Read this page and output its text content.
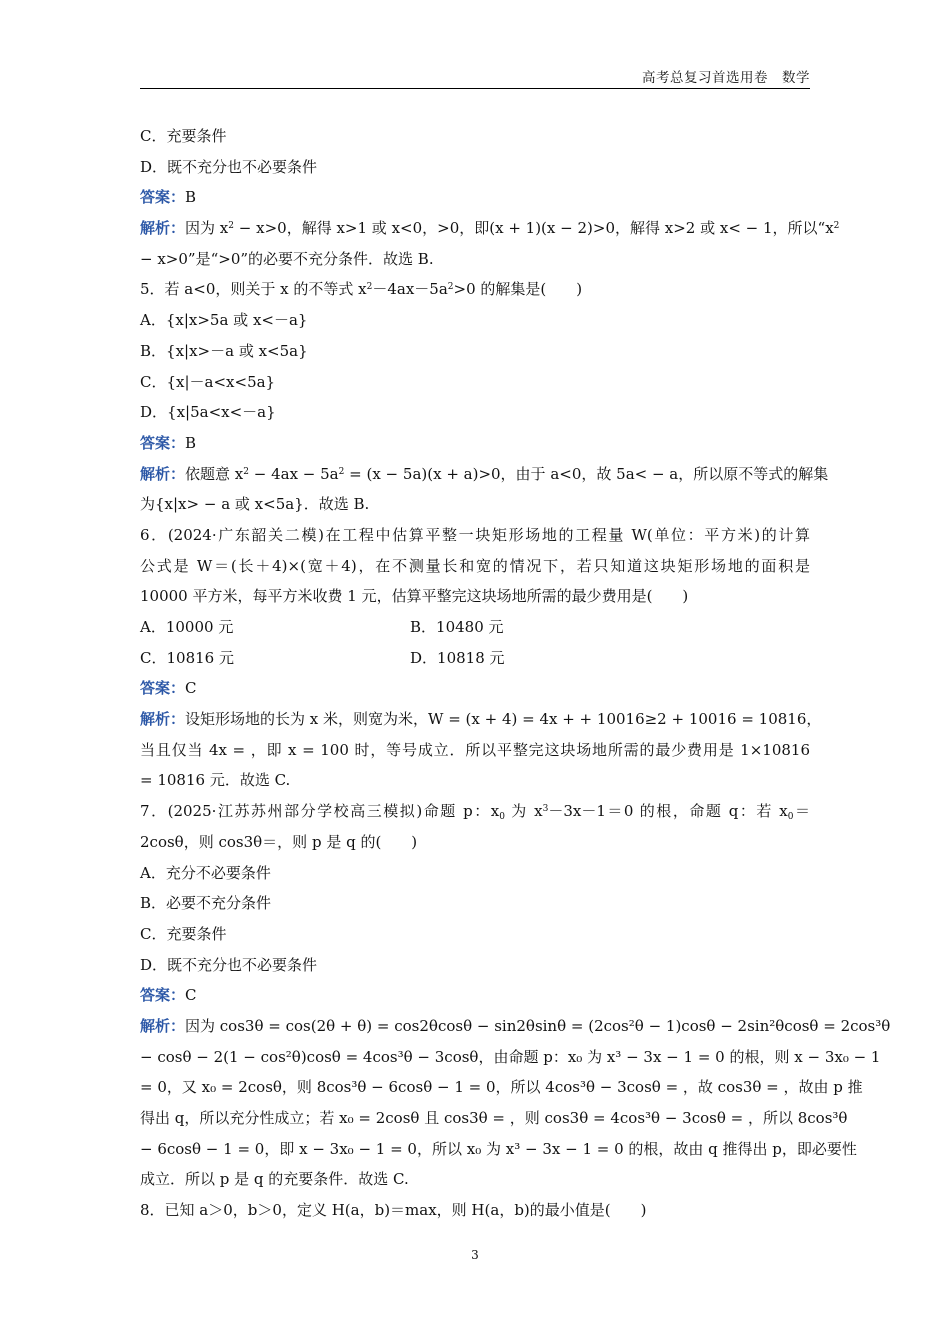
高考总复习首选用卷　数学
C．充要条件
D．既不充分也不必要条件
答案：B
解析：因为 $x^2 - x>0$，解得 x>1 或 x<0，>0，即(x + 1)(x − 2)>0，解得 x>2 或 x< − 1，所以“$x^2$
− x>0”是“>0”的必要不充分条件．故选 B.
5．若 a<0，则关于 x 的不等式 $x^2-4ax-5a^2>0$ 的解集是(　　)
A．{x|x>5a 或 x<－a}
B．{x|x>－a 或 x<5a}
C．{x|－a<x<5a}
D．{x|5a<x<－a}
答案：B
解析：依题意 $x^2 - 4ax - 5a^2 = (x - 5a)(x + a)>0$，由于 a<0，故 5a< − a，所以原不等式的解集
为{x|x> − a 或 x<5a}．故选 B.
6．(2024·广东韶关二模)在工程中估算平整一块矩形场地的工程量 W(单位：平方米)的计算
公式是 W＝(长＋4)×(宽＋4)，在不测量长和宽的情况下，若只知道这块矩形场地的面积是
10000 平方米，每平方米收费 1 元，估算平整完这块场地所需的最少费用是(　　)
A．10000 元	B．10480 元
C．10816 元	D．10818 元
答案：C
解析：设矩形场地的长为 x 米，则宽为米，W = (x + 4) = 4x + + 10016≥2 + 10016 = 10816，
当且仅当 4x = ，即 x = 100 时，等号成立．所以平整完这块场地所需的最少费用是 1×10816
= 10816 元．故选 C.
7．(2025·江苏苏州部分学校高三模拟)命题 p：$x_0$ 为 $x^3-3x-1=0$ 的根，命题 q：若 $x_0=$
2cosθ，则 cos3θ＝，则 p 是 q 的(　　)
A．充分不必要条件
B．必要不充分条件
C．充要条件
D．既不充分也不必要条件
答案：C
解析：因为 cos3θ = cos(2θ + θ) = cos2θcosθ − sin2θsinθ = (2cos²θ − 1)cosθ − 2sin²θcosθ = 2cos³θ
− cosθ − 2(1 − cos²θ)cosθ = 4cos³θ − 3cosθ，由命题 p：x₀ 为 x³ − 3x − 1 = 0 的根，则 x − 3x₀ − 1
= 0，又 x₀ = 2cosθ，则 8cos³θ − 6cosθ − 1 = 0，所以 4cos³θ − 3cosθ = ，故 cos3θ = ，故由 p 推
得出 q，所以充分性成立；若 x₀ = 2cosθ 且 cos3θ = ，则 cos3θ = 4cos³θ − 3cosθ = ，所以 8cos³θ
− 6cosθ − 1 = 0，即 x − 3x₀ − 1 = 0，所以 x₀ 为 x³ − 3x − 1 = 0 的根，故由 q 推得出 p，即必要性
成立．所以 p 是 q 的充要条件．故选 C.
8．已知 a＞0，b＞0，定义 H(a，b)＝max，则 H(a，b)的最小值是(　　)
3
